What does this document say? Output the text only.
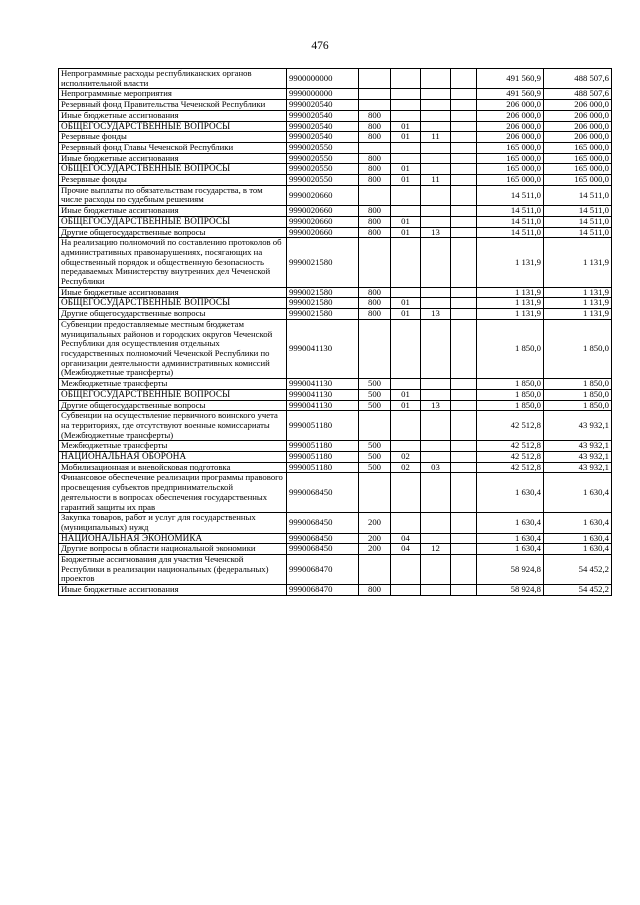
476
Непрограммные расходы республиканских органов исполнительной власти	9900000000					491 560,9	488 507,6
Непрограммные мероприятия	9990000000					491 560,9	488 507,6
Резервный фонд Правительства Чеченской Республики	9990020540					206 000,0	206 000,0
Иные бюджетные ассигнования	9990020540	800				206 000,0	206 000,0
ОБЩЕГОСУДАРСТВЕННЫЕ ВОПРОСЫ	9990020540	800	01			206 000,0	206 000,0
Резервные фонды	9990020540	800	01	11		206 000,0	206 000,0
Резервный фонд Главы Чеченской Республики	9990020550					165 000,0	165 000,0
Иные бюджетные ассигнования	9990020550	800				165 000,0	165 000,0
ОБЩЕГОСУДАРСТВЕННЫЕ ВОПРОСЫ	9990020550	800	01			165 000,0	165 000,0
Резервные фонды	9990020550	800	01	11		165 000,0	165 000,0
Прочие выплаты по обязательствам государства, в том числе расходы по судебным решениям	9990020660					14 511,0	14 511,0
Иные бюджетные ассигнования	9990020660	800				14 511,0	14 511,0
ОБЩЕГОСУДАРСТВЕННЫЕ ВОПРОСЫ	9990020660	800	01			14 511,0	14 511,0
Другие общегосударственные вопросы	9990020660	800	01	13		14 511,0	14 511,0
На реализацию полномочий по составлению протоколов об административных правонарушениях, посягающих на общественный порядок и общественную безопасность передаваемых Министерству внутренних дел Чеченской Республики	9990021580					1 131,9	1 131,9
Иные бюджетные ассигнования	9990021580	800				1 131,9	1 131,9
ОБЩЕГОСУДАРСТВЕННЫЕ ВОПРОСЫ	9990021580	800	01			1 131,9	1 131,9
Другие общегосударственные вопросы	9990021580	800	01	13		1 131,9	1 131,9
Субвенции предоставляемые местным бюджетам муниципальных районов и городских округов Чеченской Республики для осуществления отдельных государственных полномочий Чеченской Республики по организации деятельности административных комиссий (Межбюджетные трансферты)	9990041130					1 850,0	1 850,0
Межбюджетные трансферты	9990041130	500				1 850,0	1 850,0
ОБЩЕГОСУДАРСТВЕННЫЕ ВОПРОСЫ	9990041130	500	01			1 850,0	1 850,0
Другие общегосударственные вопросы	9990041130	500	01	13		1 850,0	1 850,0
Субвенции на осуществление первичного воинского учета на территориях, где отсутствуют военные комиссариаты (Межбюджетные трансферты)	9990051180					42 512,8	43 932,1
Межбюджетные трансферты	9990051180	500				42 512,8	43 932,1
НАЦИОНАЛЬНАЯ ОБОРОНА	9990051180	500	02			42 512,8	43 932,1
Мобилизационная и вневойсковая подготовка	9990051180	500	02	03		42 512,8	43 932,1
Финансовое обеспечение реализации программы правового просвещения субъектов предпринимательской деятельности в вопросах обеспечения государственных гарантий защиты их прав	9990068450					1 630,4	1 630,4
Закупка товаров, работ и услуг для государственных (муниципальных) нужд	9990068450	200				1 630,4	1 630,4
НАЦИОНАЛЬНАЯ ЭКОНОМИКА	9990068450	200	04			1 630,4	1 630,4
Другие вопросы в области национальной экономики	9990068450	200	04	12		1 630,4	1 630,4
Бюджетные ассигнования для участия Чеченской Республики в реализации национальных (федеральных) проектов	9990068470					58 924,8	54 452,2
Иные бюджетные ассигнования	9990068470	800				58 924,8	54 452,2
